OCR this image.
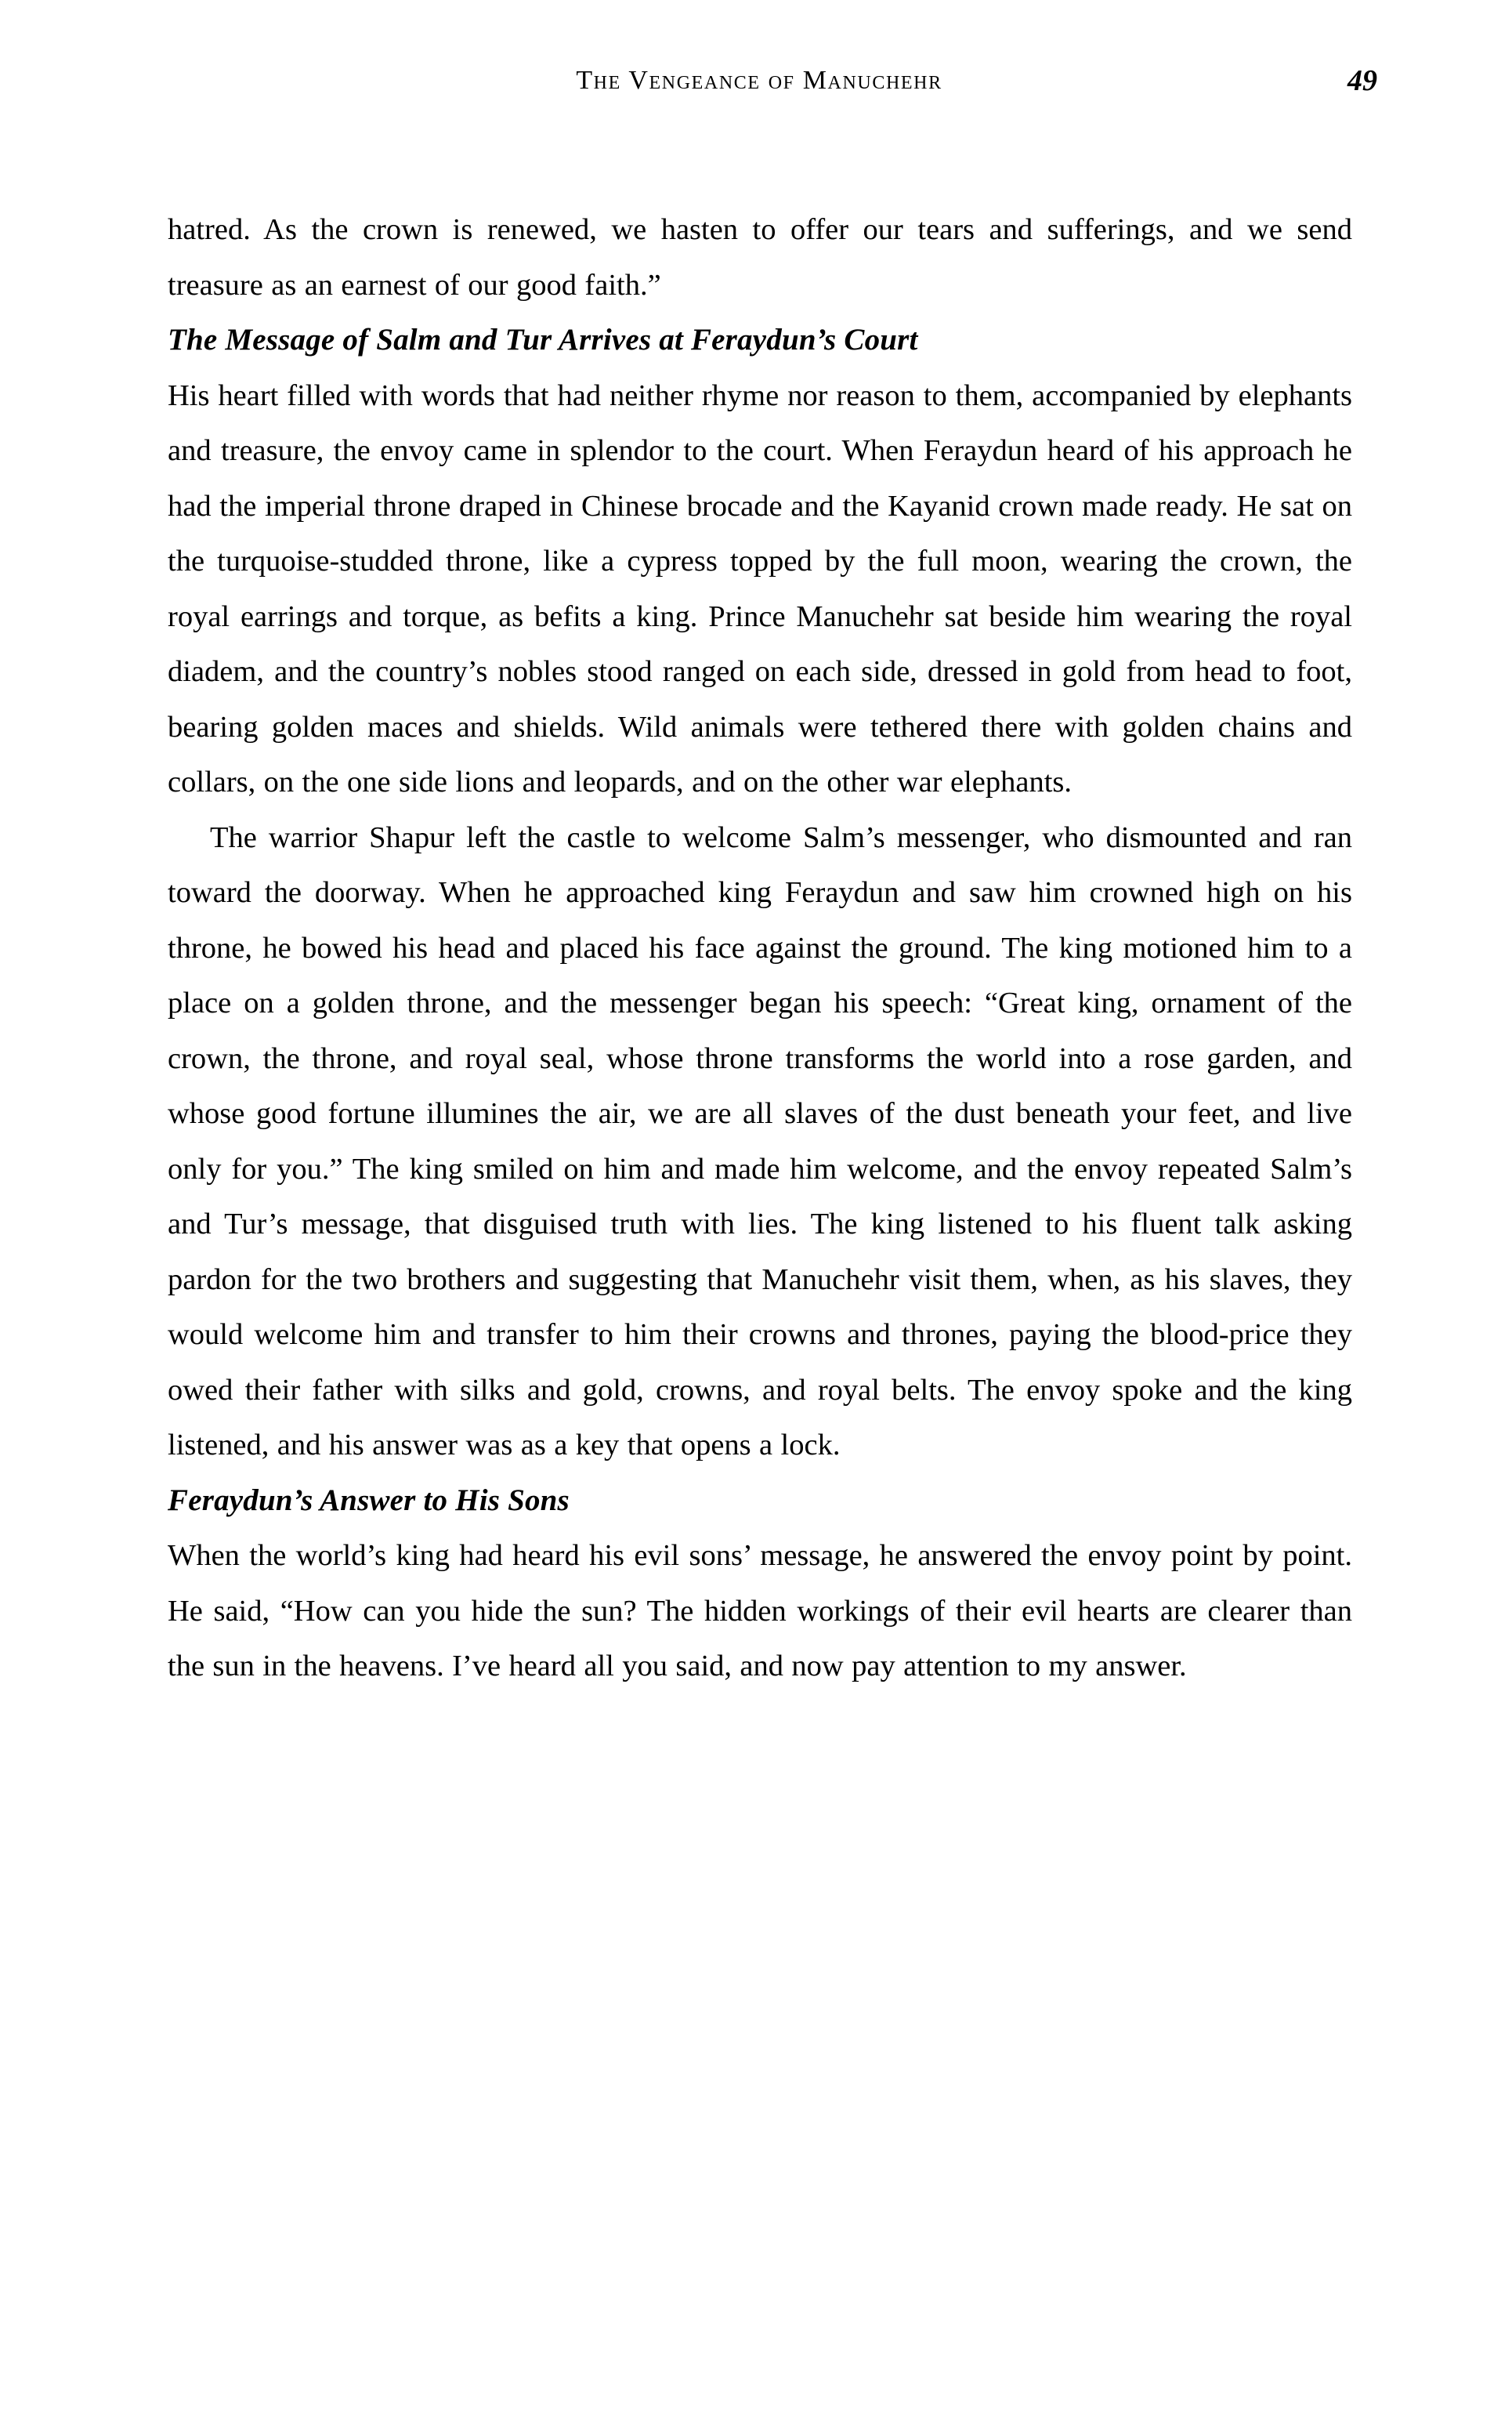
The Vengeance of Manuchehr	49

hatred. As the crown is renewed, we hasten to offer our tears and sufferings, and we send treasure as an earnest of our good faith.”

The Message of Salm and Tur Arrives at Feraydun’s Court

His heart filled with words that had neither rhyme nor reason to them, accompanied by elephants and treasure, the envoy came in splendor to the court. When Feraydun heard of his approach he had the imperial throne draped in Chinese brocade and the Kayanid crown made ready. He sat on the turquoise-studded throne, like a cypress topped by the full moon, wearing the crown, the royal earrings and torque, as befits a king. Prince Manuchehr sat beside him wearing the royal diadem, and the country’s nobles stood ranged on each side, dressed in gold from head to foot, bearing golden maces and shields. Wild animals were tethered there with golden chains and collars, on the one side lions and leopards, and on the other war elephants.

The warrior Shapur left the castle to welcome Salm’s messenger, who dismounted and ran toward the doorway. When he approached king Feraydun and saw him crowned high on his throne, he bowed his head and placed his face against the ground. The king motioned him to a place on a golden throne, and the messenger began his speech: “Great king, ornament of the crown, the throne, and royal seal, whose throne transforms the world into a rose garden, and whose good fortune illumines the air, we are all slaves of the dust beneath your feet, and live only for you.” The king smiled on him and made him welcome, and the envoy repeated Salm’s and Tur’s message, that disguised truth with lies. The king listened to his fluent talk asking pardon for the two brothers and suggesting that Manuchehr visit them, when, as his slaves, they would welcome him and transfer to him their crowns and thrones, paying the blood-price they owed their father with silks and gold, crowns, and royal belts. The envoy spoke and the king listened, and his answer was as a key that opens a lock.

Feraydun’s Answer to His Sons

When the world’s king had heard his evil sons’ message, he answered the envoy point by point. He said, “How can you hide the sun? The hidden workings of their evil hearts are clearer than the sun in the heavens. I’ve heard all you said, and now pay attention to my answer.
